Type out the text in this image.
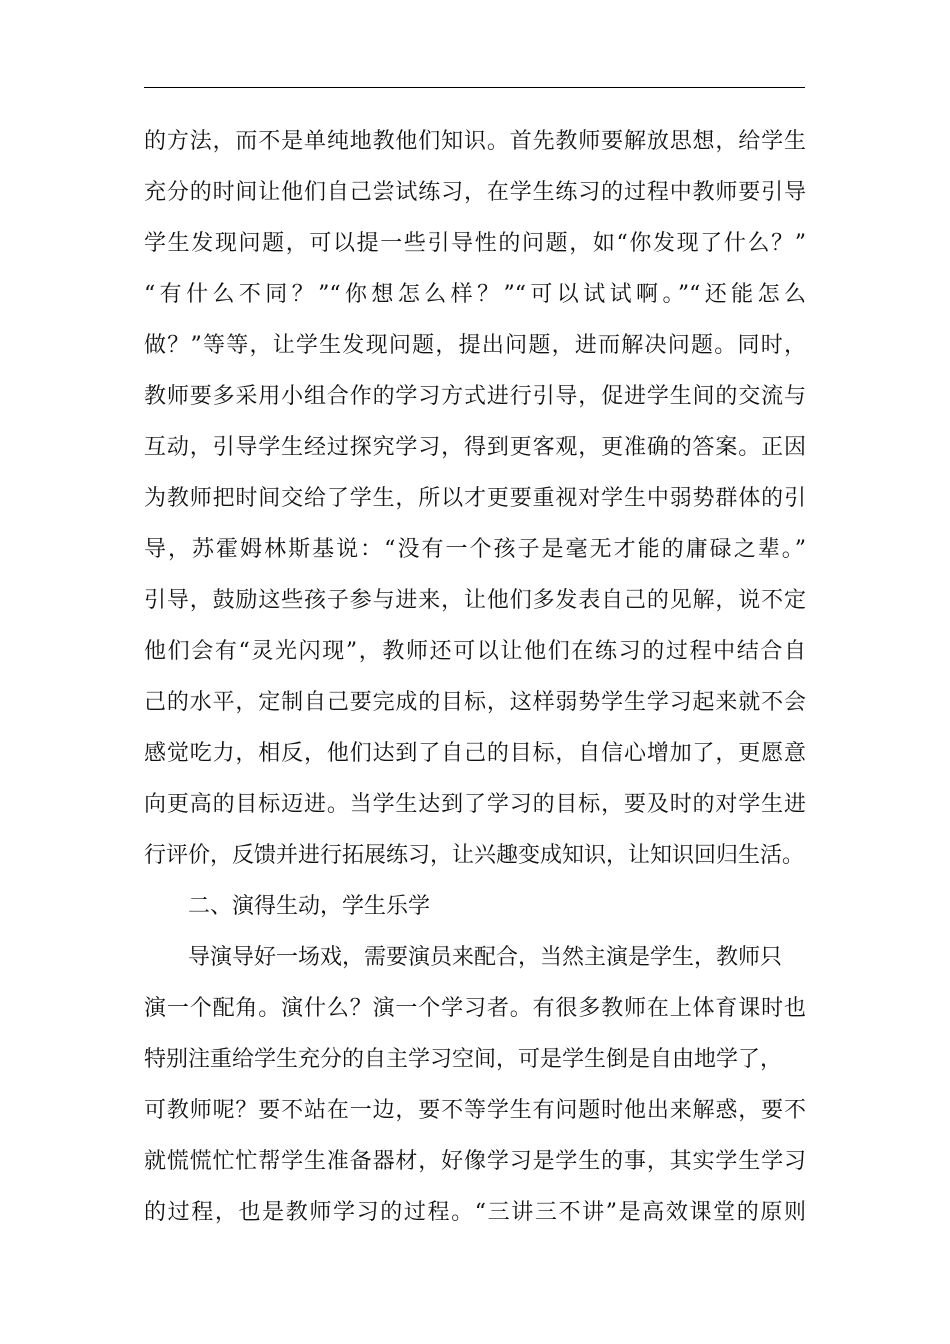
的方法，而不是单纯地教他们知识。首先教师要解放思想，给学生
充分的时间让他们自己尝试练习，在学生练习的过程中教师要引导
学生发现问题，可以提一些引导性的问题，如“你发现了什么？”
“有什么不同？”“你想怎么样？”“可以试试啊。”“还能怎么
做？”等等，让学生发现问题，提出问题，进而解决问题。同时，
教师要多采用小组合作的学习方式进行引导，促进学生间的交流与
互动，引导学生经过探究学习，得到更客观，更准确的答案。正因
为教师把时间交给了学生，所以才更要重视对学生中弱势群体的引
导，苏霍姆林斯基说：“没有一个孩子是毫无才能的庸碌之辈。”
引导，鼓励这些孩子参与进来，让他们多发表自己的见解，说不定
他们会有“灵光闪现”，教师还可以让他们在练习的过程中结合自
己的水平，定制自己要完成的目标，这样弱势学生学习起来就不会
感觉吃力，相反，他们达到了自己的目标，自信心增加了，更愿意
向更高的目标迈进。当学生达到了学习的目标，要及时的对学生进
行评价，反馈并进行拓展练习，让兴趣变成知识，让知识回归生活。
二、演得生动，学生乐学
导演导好一场戏，需要演员来配合，当然主演是学生，教师只
演一个配角。演什么？演一个学习者。有很多教师在上体育课时也
特别注重给学生充分的自主学习空间，可是学生倒是自由地学了，
可教师呢？要不站在一边，要不等学生有问题时他出来解惑，要不
就慌慌忙忙帮学生准备器材，好像学习是学生的事，其实学生学习
的过程，也是教师学习的过程。“三讲三不讲”是高效课堂的原则
